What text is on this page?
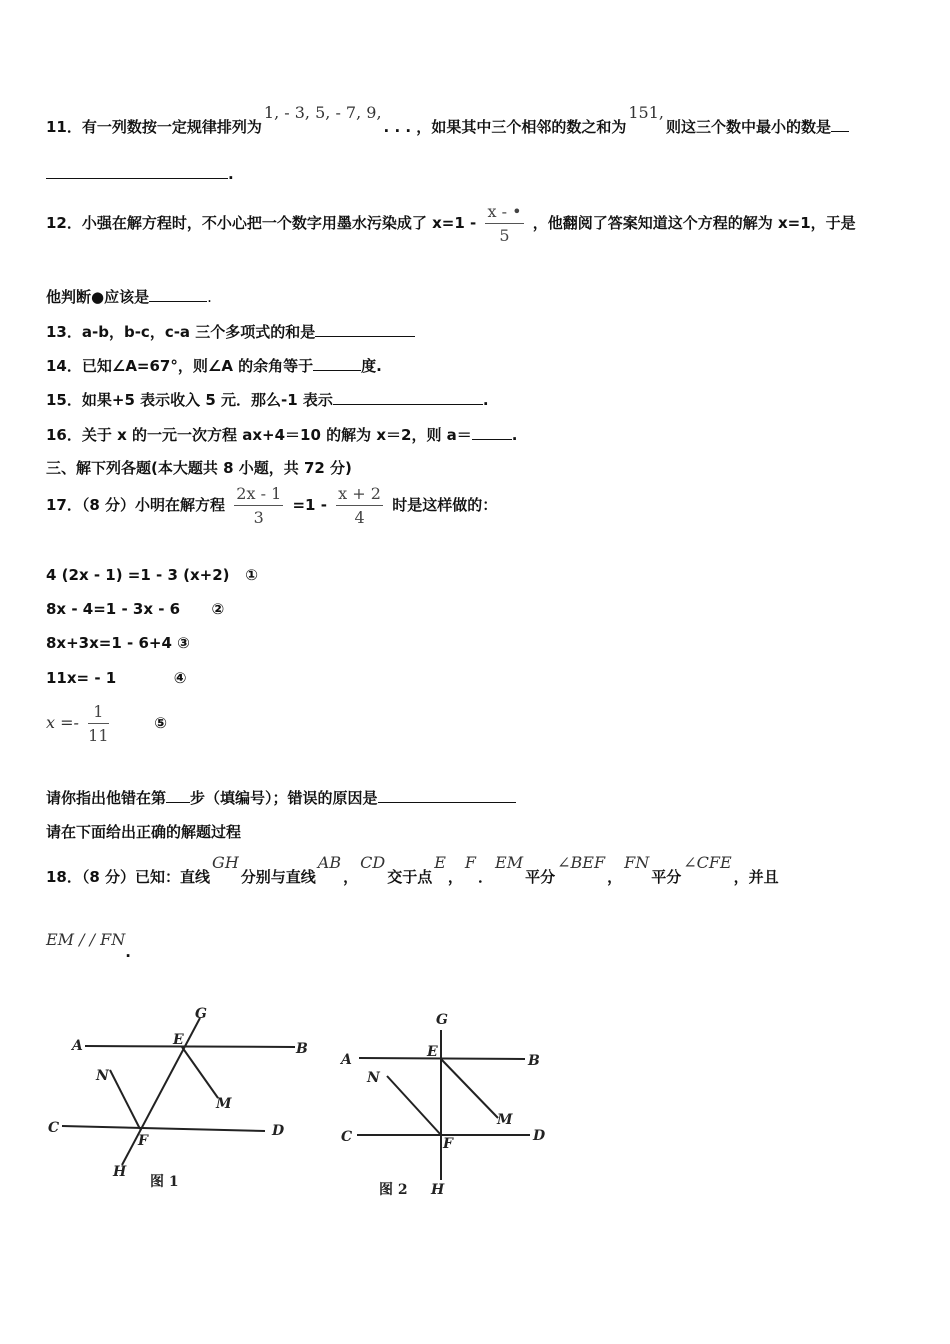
11．有一列数按一定规律排列为1, - 3, 5, - 7, 9,. . . ，如果其中三个相邻的数之和为151,则这三个数中最小的数是
.
12．小强在解方程时，不小心把一个数字用墨水污染成了 $x=1 - \frac{x - •}{5}$ ，他翻阅了答案知道这个方程的解为 x=1，于是
他判断●应该是	.
13．a-b，b-c，c-a 三个多项式的和是
14．已知∠A=67°，则∠A 的余角等于	度.
15．如果+5 表示收入 5 元．那么-1 表示	.
16．关于 x 的一元一次方程 ax+4＝10 的解为 x＝2，则 a＝	.
三、解下列各题(本大题共 8 小题，共 72 分)
17．（8 分）小明在解方程 $\frac{2x - 1}{3} =1 - \frac{x + 2}{4}$ 时是这样做的：
4 (2x - 1) =1 - 3 (x+2) ①
8x - 4=1 - 3x - 6 ②
8x+3x=1 - 6+4 ③
11x= - 1	④
$x =- \frac{1}{11}$	⑤
请你指出他错在第 步（填编号）；错误的原因是
请在下面给出正确的解题过程
18．（8 分）已知：直线GH分别与直线AB，CD交于点E，F．EM平分∠BEF，FN平分∠CFE，并且
EM / / FN.
A	B
C	D
E
F
G
H
M
N
图 1
A	B
C	D
E
F
G
H
M
N
图 2
